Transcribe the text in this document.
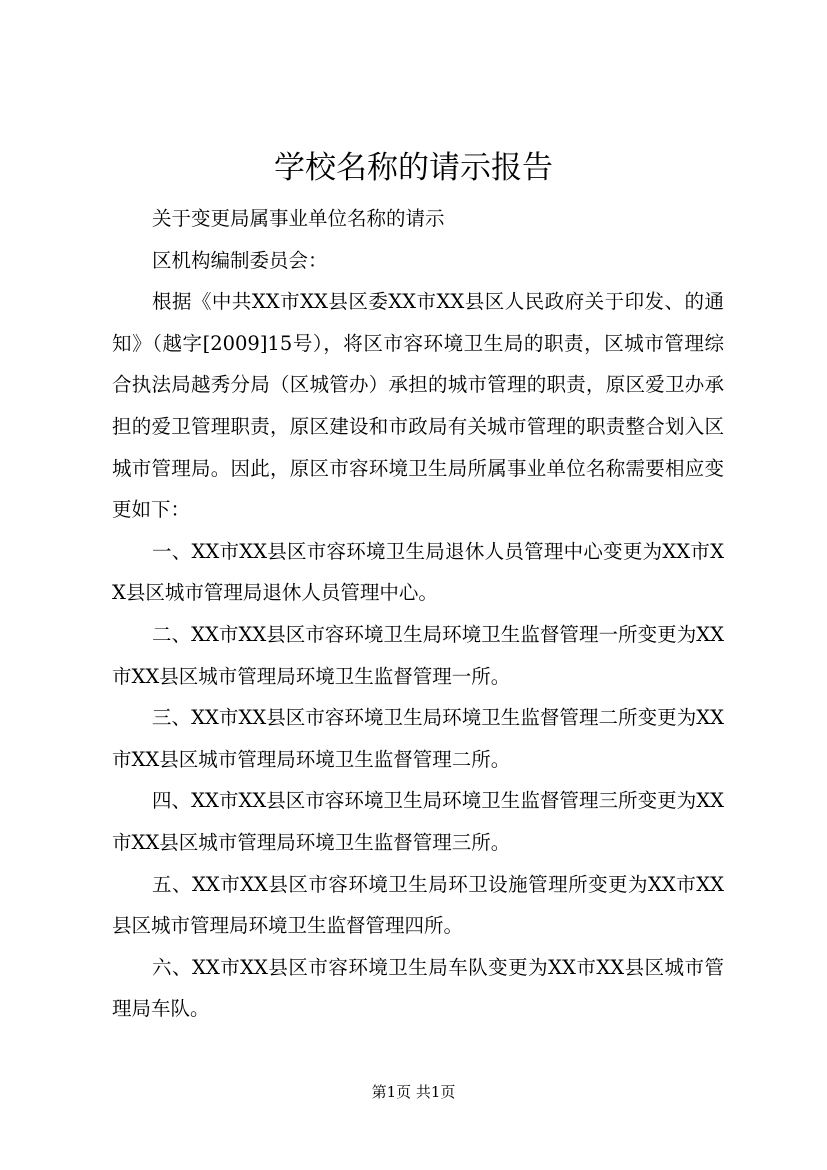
学校名称的请示报告

关于变更局属事业单位名称的请示

区机构编制委员会：

根据《中共XX市XX县区委XX市XX县区人民政府关于印发、的通知》（越字[2009]15号），将区市容环境卫生局的职责，区城市管理综合执法局越秀分局（区城管办）承担的城市管理的职责，原区爱卫办承担的爱卫管理职责，原区建设和市政局有关城市管理的职责整合划入区城市管理局。因此，原区市容环境卫生局所属事业单位名称需要相应变更如下：

一、XX市XX县区市容环境卫生局退休人员管理中心变更为XX市XX县区城市管理局退休人员管理中心。

二、XX市XX县区市容环境卫生局环境卫生监督管理一所变更为XX市XX县区城市管理局环境卫生监督管理一所。

三、XX市XX县区市容环境卫生局环境卫生监督管理二所变更为XX市XX县区城市管理局环境卫生监督管理二所。

四、XX市XX县区市容环境卫生局环境卫生监督管理三所变更为XX市XX县区城市管理局环境卫生监督管理三所。

五、XX市XX县区市容环境卫生局环卫设施管理所变更为XX市XX县区城市管理局环境卫生监督管理四所。

六、XX市XX县区市容环境卫生局车队变更为XX市XX县区城市管理局车队。

第1页 共1页
